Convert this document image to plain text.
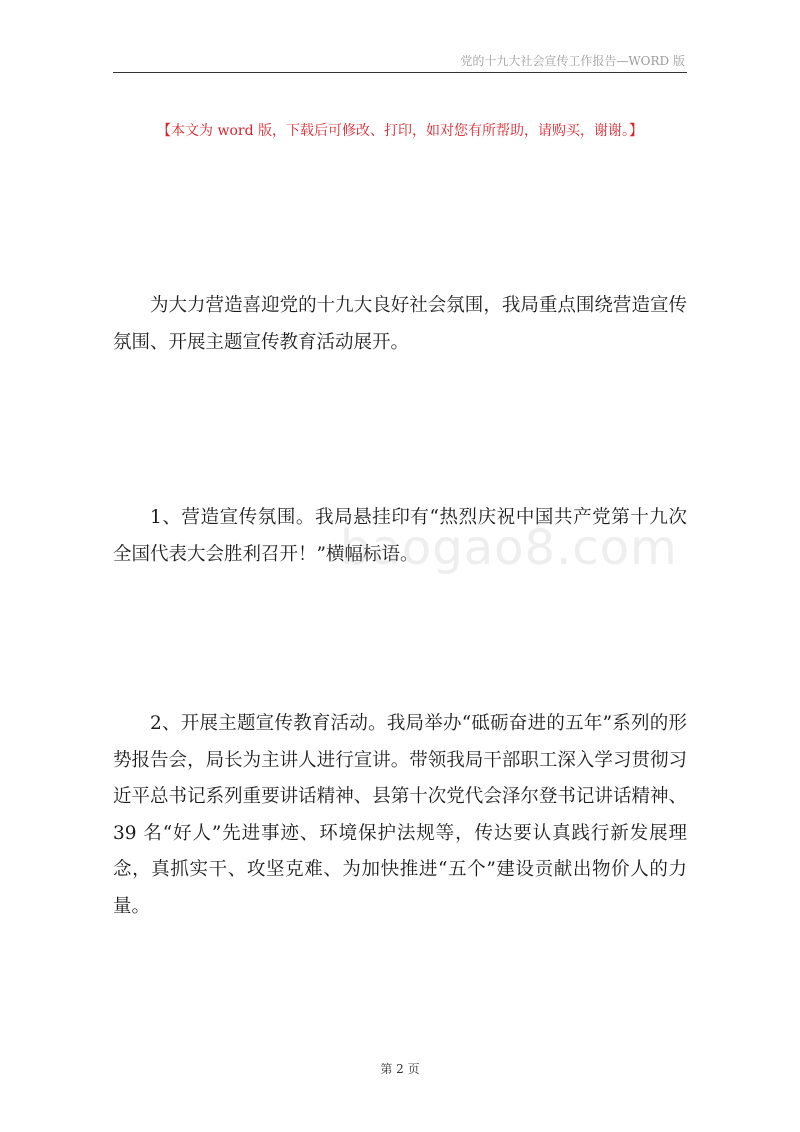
党的十九大社会宣传工作报告—WORD 版
【本文为 word 版，下载后可修改、打印，如对您有所帮助，请购买，谢谢。】

为大力营造喜迎党的十九大良好社会氛围，我局重点围绕营造宣传氛围、开展主题宣传教育活动展开。

1、营造宣传氛围。我局悬挂印有“热烈庆祝中国共产党第十九次全国代表大会胜利召开！”横幅标语。

baogao8.com

2、开展主题宣传教育活动。我局举办“砥砺奋进的五年”系列的形势报告会，局长为主讲人进行宣讲。带领我局干部职工深入学习贯彻习近平总书记系列重要讲话精神、县第十次党代会泽尔登书记讲话精神、39 名“好人”先进事迹、环境保护法规等，传达要认真践行新发展理念，真抓实干、攻坚克难、为加快推进“五个”建设贡献出物价人的力量。

第 2 页
